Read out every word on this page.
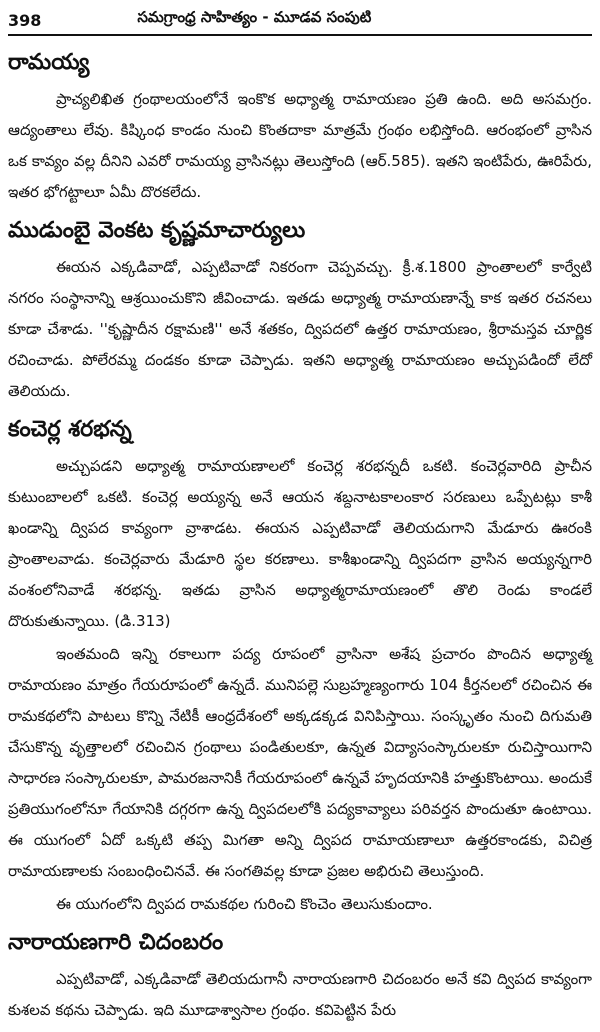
398	సమగ్రాంధ్ర సాహిత్యం - మూడవ సంపుటి
రామయ్య

ప్రాచ్యలిఖిత గ్రంథాలయంలోనే ఇంకొక అధ్యాత్మ రామాయణం ప్రతి ఉంది. అది అసమగ్రం. ఆద్యంతాలు లేవు. కిష్కింధ కాండం నుంచి కొంతదాకా మాత్రమే గ్రంథం లభిస్తోంది. ఆరంభంలో వ్రాసిన ఒక కావ్యం వల్ల దీనిని ఎవరో రామయ్య వ్రాసినట్లు తెలుస్తోంది (ఆర్.585). ఇతని ఇంటిపేరు, ఊరిపేరు, ఇతర భోగట్టాలూ ఏమీ దొరకలేదు.

ముడుంబై వెంకట కృష్ణమాచార్యులు

ఈయన ఎక్కడివాడో, ఎప్పటివాడో నికరంగా చెప్పవచ్చు. క్రీ.శ.1800 ప్రాంతాలలో కార్వేటి నగరం సంస్థానాన్ని ఆశ్రయించుకొని జీవించాడు. ఇతడు అధ్యాత్మ రామాయణాన్నే కాక ఇతర రచనలు కూడా చేశాడు. ''కృష్ణాదీన రక్షామణి'' అనే శతకం, ద్విపదలో ఉత్తర రామాయణం, శ్రీరామస్తవ చూర్ణిక రచించాడు. పోలేరమ్మ దండకం కూడా చెప్పాడు. ఇతని అధ్యాత్మ రామాయణం అచ్చుపడిందో లేదో తెలియదు.

కంచెర్ల శరభన్న

అచ్చుపడని అధ్యాత్మ రామాయణాలలో కంచెర్ల శరభన్నదీ ఒకటి. కంచెర్లవారిది ప్రాచీన కుటుంబాలలో ఒకటి. కంచెర్ల అయ్యన్న అనే ఆయన శబ్దనాటకాలంకార సరణులు ఒప్పేటట్లు కాశీ ఖండాన్ని ద్విపద కావ్యంగా వ్రాశాడట. ఈయన ఎప్పటివాడో తెలియదుగాని మేడూరు ఊరంకి ప్రాంతాలవాడు. కంచెర్లవారు మేడూరి స్థల కరణాలు. కాశీఖండాన్ని ద్విపదగా వ్రాసిన అయ్యన్నగారి వంశంలోనివాడే శరభన్న. ఇతడు వ్రాసిన అధ్యాత్మరామాయణంలో తొలి రెండు కాండలే దొరుకుతున్నాయి. (డి.313)

ఇంతమంది ఇన్ని రకాలుగా పద్య రూపంలో వ్రాసినా అశేష ప్రచారం పొందిన అధ్యాత్మ రామాయణం మాత్రం గేయరూపంలో ఉన్నదే. మునిపల్లె సుబ్రహ్మణ్యంగారు 104 కీర్తనలలో రచించిన ఈ రామకథలోని పాటలు కొన్ని నేటికీ ఆంధ్రదేశంలో అక్కడక్కడ వినిపిస్తాయి. సంస్కృతం నుంచి దిగుమతి చేసుకొన్న వృత్తాలలో రచించిన గ్రంథాలు పండితులకూ, ఉన్నత విద్యాసంస్కారులకూ రుచిస్తాయిగాని సాధారణ సంస్కారులకూ, పామరజనానికీ గేయరూపంలో ఉన్నవే హృదయానికి హత్తుకొంటాయి. అందుకే ప్రతియుగంలోనూ గేయానికి దగ్గరగా ఉన్న ద్విపదలలోకి పద్యకావ్యాలు పరివర్తన పొందుతూ ఉంటాయి. ఈ యుగంలో ఏదో ఒక్కటి తప్ప మిగతా అన్ని ద్విపద రామాయణాలూ ఉత్తరకాండకు, విచిత్ర రామాయణాలకు సంబంధించినవే. ఈ సంగతివల్ల కూడా ప్రజల అభిరుచి తెలుస్తుంది.

ఈ యుగంలోని ద్విపద రామకథల గురించి కొంచెం తెలుసుకుందాం.

నారాయణగారి చిదంబరం

ఎప్పటివాడో, ఎక్కడివాడో తెలియదుగానీ నారాయణగారి చిదంబరం అనే కవి ద్విపద కావ్యంగా కుశలవ కథను చెప్పాడు. ఇది మూడాశ్వాసాల గ్రంథం. కవిపెట్టిన పేరు
